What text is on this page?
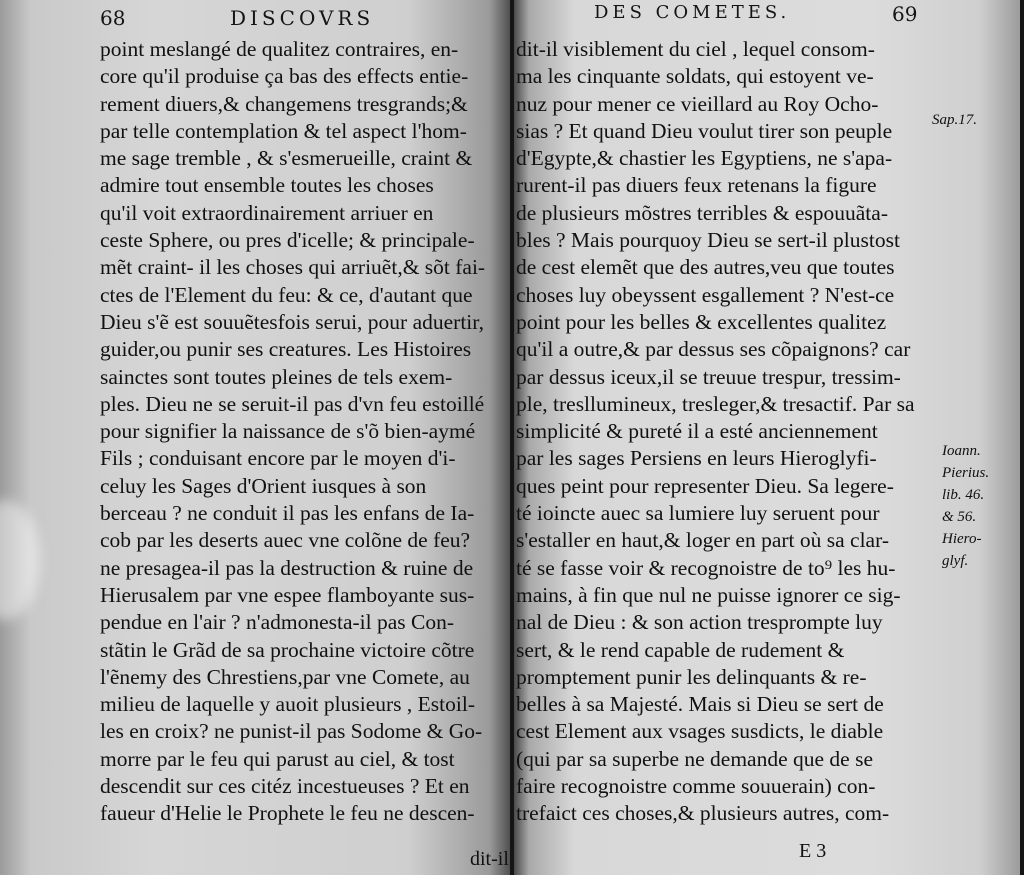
68	DISCOVRS
point meslangé de qualitez contraires, en-
core qu'il produise ça bas des effects entie-
rement diuers,& changemens tresgrands;&
par telle contemplation & tel aspect l'hom-
me sage tremble , & s'esmerueille, craint &
admire tout ensemble toutes les choses
qu'il voit extraordinairement arriuer en
ceste Sphere, ou pres d'icelle; & principale-
mẽt craint- il les choses qui arriuẽt,& sõt fai-
ctes de l'Element du feu: & ce, d'autant que
Dieu s'ẽ est souuẽtesfois serui, pour aduertir,
guider,ou punir ses creatures. Les Histoires
sainctes sont toutes pleines de tels exem-
ples. Dieu ne se seruit-il pas d'vn feu estoillé
pour signifier la naissance de s'õ bien-aymé
Fils ; conduisant encore par le moyen d'i-
celuy les Sages d'Orient iusques à son
berceau ? ne conduit il pas les enfans de Ia-
cob par les deserts auec vne colõne de feu?
ne presagea-il pas la destruction & ruine de
Hierusalem par vne espee flamboyante sus-
pendue en l'air ? n'admonesta-il pas Con-
stãtin le Grãd de sa prochaine victoire cõtre
l'ẽnemy des Chrestiens,par vne Comete, au
milieu de laquelle y auoit plusieurs , Estoil-
les en croix? ne punist-il pas Sodome & Go-
morre par le feu qui parust au ciel, & tost
descendit sur ces citéz incestueuses ? Et en
faueur d'Helie le Prophete le feu ne descen-
dit-il
DES COMETES.	69
dit-il visiblement du ciel , lequel consom-
ma les cinquante soldats, qui estoyent ve-
nuz pour mener ce vieillard au Roy Ocho-
sias ? Et quand Dieu voulut tirer son peuple
d'Egypte,& chastier les Egyptiens, ne s'apa-
rurent-il pas diuers feux retenans la figure
de plusieurs mõstres terribles & espouuãta-
bles ? Mais pourquoy Dieu se sert-il plustost
de cest elemẽt que des autres,veu que toutes
choses luy obeyssent esgallement ? N'est-ce
point pour les belles & excellentes qualitez
qu'il a outre,& par dessus ses cõpaignons? car
par dessus iceux,il se treuue trespur, tressim-
ple, tresllumineux, tresleger,& tresactif. Par sa
simplicité & pureté il a esté anciennement
par les sages Persiens en leurs Hieroglyfi-
ques peint pour representer Dieu. Sa legere-
té ioincte auec sa lumiere luy seruent pour
s'estaller en haut,& loger en part où sa clar-
té se fasse voir & recognoistre de to⁹ les hu-
mains, à fin que nul ne puisse ignorer ce sig-
nal de Dieu : & son action tresprompte luy
sert, & le rend capable de rudement &
promptement punir les delinquants & re-
belles à sa Majesté. Mais si Dieu se sert de
cest Element aux vsages susdicts, le diable
(qui par sa superbe ne demande que de se
faire recognoistre comme souuerain) con-
trefaict ces choses,& plusieurs autres, com-
Sap.17.
Ioann.
Pierius.
lib. 46.
& 56.
Hiero-
glyf.
E 3
